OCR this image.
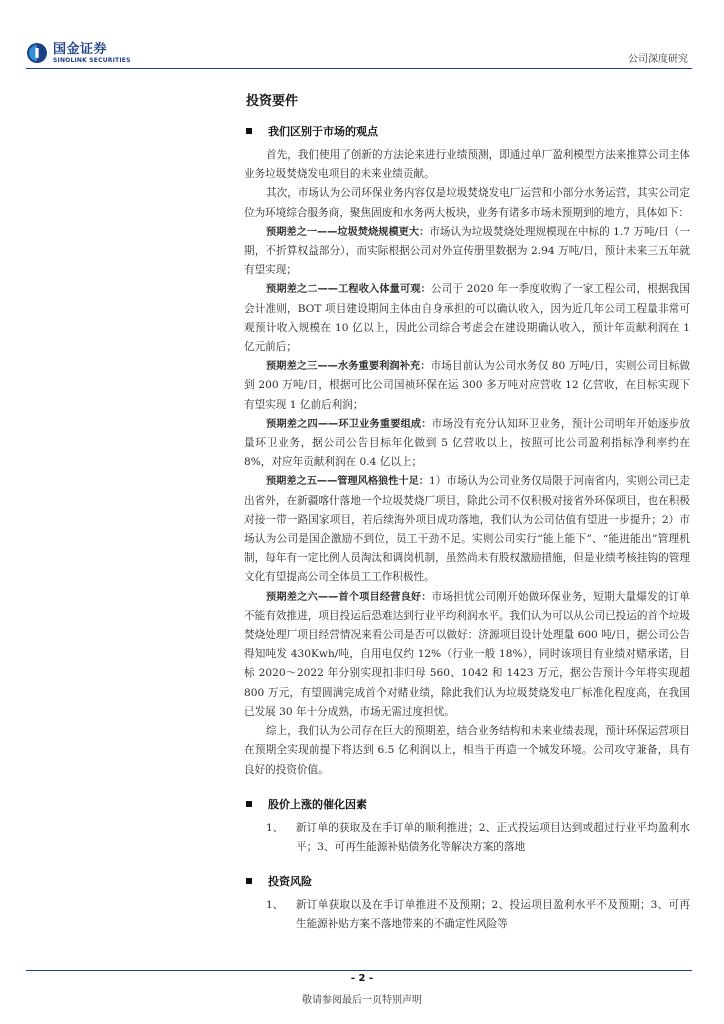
国金证券
SINOLINK SECURITIES	公司深度研究
投资要件
我们区别于市场的观点

首先，我们使用了创新的方法论来进行业绩预测，即通过单厂盈利模型方法来推算公司主体业务垃圾焚烧发电项目的未来业绩贡献。

其次，市场认为公司环保业务内容仅是垃圾焚烧发电厂运营和小部分水务运营，其实公司定位为环境综合服务商，聚焦固废和水务两大板块，业务有诸多市场未预期到的地方，具体如下：

预期差之一——垃圾焚烧规模更大：市场认为垃圾焚烧处理规模现在中标的 1.7 万吨/日（一期，不折算权益部分），而实际根据公司对外宣传册里数据为 2.94 万吨/日，预计未来三五年就有望实现；

预期差之二——工程收入体量可观：公司于 2020 年一季度收购了一家工程公司，根据我国会计准则，BOT 项目建设期间主体由自身承担的可以确认收入，因为近几年公司工程量非常可观预计收入规模在 10 亿以上，因此公司综合考虑会在建设期确认收入，预计年贡献利润在 1 亿元前后；

预期差之三——水务重要利润补充：市场目前认为公司水务仅 80 万吨/日，实则公司目标做到 200 万吨/日，根据可比公司国祯环保在运 300 多万吨对应营收 12 亿营收，在目标实现下有望实现 1 亿前后利润；

预期差之四——环卫业务重要组成：市场没有充分认知环卫业务，预计公司明年开始逐步放量环卫业务，据公司公告目标年化做到 5 亿营收以上，按照可比公司盈利指标净利率约在 8%，对应年贡献利润在 0.4 亿以上；

预期差之五——管理风格狼性十足：1）市场认为公司业务仅局限于河南省内，实则公司已走出省外，在新疆喀什落地一个垃圾焚烧厂项目，除此公司不仅积极对接省外环保项目，也在积极对接一带一路国家项目，若后续海外项目成功落地，我们认为公司估值有望进一步提升；2）市场认为公司是国企激励不到位，员工干劲不足。实则公司实行“能上能下”、“能进能出”管理机制，每年有一定比例人员淘汰和调岗机制，虽然尚未有股权激励措施，但是业绩考核挂钩的管理文化有望提高公司全体员工工作积极性。

预期差之六——首个项目经营良好：市场担忧公司刚开始做环保业务，短期大量爆发的订单不能有效推进，项目投运后恐难达到行业平均利润水平。我们认为可以从公司已投运的首个垃圾焚烧处理厂项目经营情况来看公司是否可以做好：济源项目设计处理量 600 吨/日，据公司公告得知吨发 430Kwh/吨，自用电仅约 12%（行业一般 18%），同时该项目有业绩对赌承诺，目标 2020～2022 年分别实现扣非归母 560、1042 和 1423 万元，据公告预计今年将实现超 800 万元，有望圆满完成首个对赌业绩，除此我们认为垃圾焚烧发电厂标准化程度高，在我国已发展 30 年十分成熟，市场无需过度担忧。

综上，我们认为公司存在巨大的预期差，结合业务结构和未来业绩表现，预计环保运营项目在预期全实现前提下将达到 6.5 亿利润以上，相当于再造一个城发环境。公司攻守兼备，具有良好的投资价值。

股价上涨的催化因素
1、	新订单的获取及在手订单的顺利推进；2、正式投运项目达到或超过行业平均盈利水平；3、可再生能源补贴债务化等解决方案的落地
投资风险
1、	新订单获取以及在手订单推进不及预期；2、投运项目盈利水平不及预期；3、可再生能源补贴方案不落地带来的不确定性风险等
- 2 -
敬请参阅最后一页特别声明
